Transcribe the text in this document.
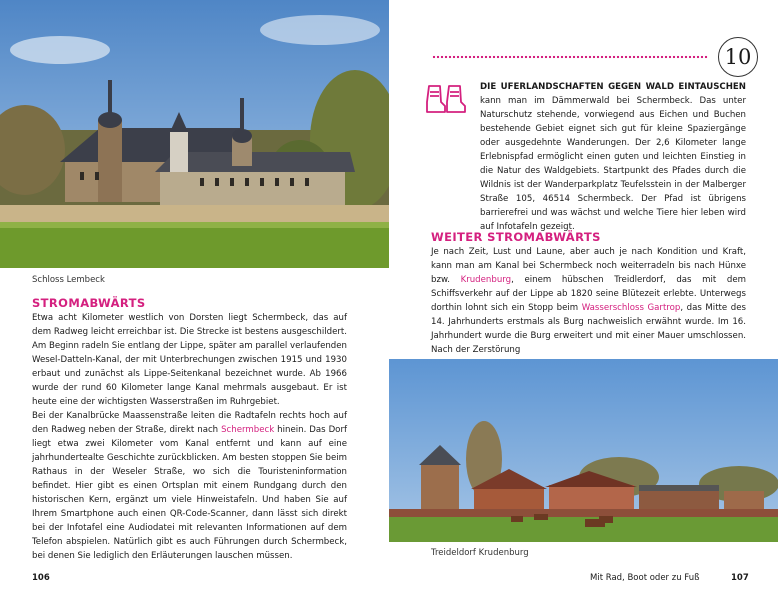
Schloss Lembeck
STROMABWÄRTS

Etwa acht Kilometer westlich von Dorsten liegt Schermbeck, das auf dem Radweg leicht erreichbar ist. Die Strecke ist bestens ausgeschildert. Am Beginn radeln Sie entlang der Lippe, später am parallel verlaufenden Wesel-Datteln-Kanal, der mit Unterbrechungen zwischen 1915 und 1930 erbaut und zunächst als Lippe-Seitenkanal bezeichnet wurde. Ab 1966 wurde der rund 60 Kilometer lange Kanal mehrmals ausgebaut. Er ist heute eine der wichtigsten Wasserstraßen im Ruhrgebiet.

Bei der Kanalbrücke Maassenstraße leiten die Radtafeln rechts hoch auf den Radweg neben der Straße, direkt nach Schermbeck hinein. Das Dorf liegt etwa zwei Kilometer vom Kanal entfernt und kann auf eine jahrhundertealte Geschichte zurückblicken. Am besten stoppen Sie beim Rathaus in der Weseler Straße, wo sich die Touristeninformation befindet. Hier gibt es einen Ortsplan mit einem Rundgang durch den historischen Kern, ergänzt um viele Hinweistafeln. Und haben Sie auf Ihrem Smartphone auch einen QR-Code-Scanner, dann lässt sich direkt bei der Infotafel eine Audiodatei mit relevanten Informationen auf dem Telefon abspielen. Natürlich gibt es auch Führungen durch Schermbeck, bei denen Sie lediglich den Erläuterungen lauschen müssen.

106
10

DIE UFERLANDSCHAFTEN GEGEN WALD EINTAUSCHEN kann man im Dämmerwald bei Schermbeck. Das unter Naturschutz stehende, vorwiegend aus Eichen und Buchen bestehende Gebiet eignet sich gut für kleine Spaziergänge oder ausgedehnte Wanderungen. Der 2,6 Kilometer lange Erlebnispfad ermöglicht einen guten und leichten Einstieg in die Natur des Waldgebiets. Startpunkt des Pfades durch die Wildnis ist der Wanderparkplatz Teufelsstein in der Malberger Straße 105, 46514 Schermbeck. Der Pfad ist übrigens barrierefrei und was wächst und welche Tiere hier leben wird auf Infotafeln gezeigt.

WEITER STROMABWÄRTS

Je nach Zeit, Lust und Laune, aber auch je nach Kondition und Kraft, kann man am Kanal bei Schermbeck noch weiterradeln bis nach Hünxe bzw. Krudenburg, einem hübschen Treidlerdorf, das mit dem Schiffsverkehr auf der Lippe ab 1820 seine Blütezeit erlebte. Unterwegs dorthin lohnt sich ein Stopp beim Wasserschloss Gartrop, das Mitte des 14. Jahrhunderts erstmals als Burg nachweislich erwähnt wurde. Im 16. Jahrhundert wurde die Burg erweitert und mit einer Mauer umschlossen. Nach der Zerstörung

Treideldorf Krudenburg
Mit Rad, Boot oder zu Fuß	107
